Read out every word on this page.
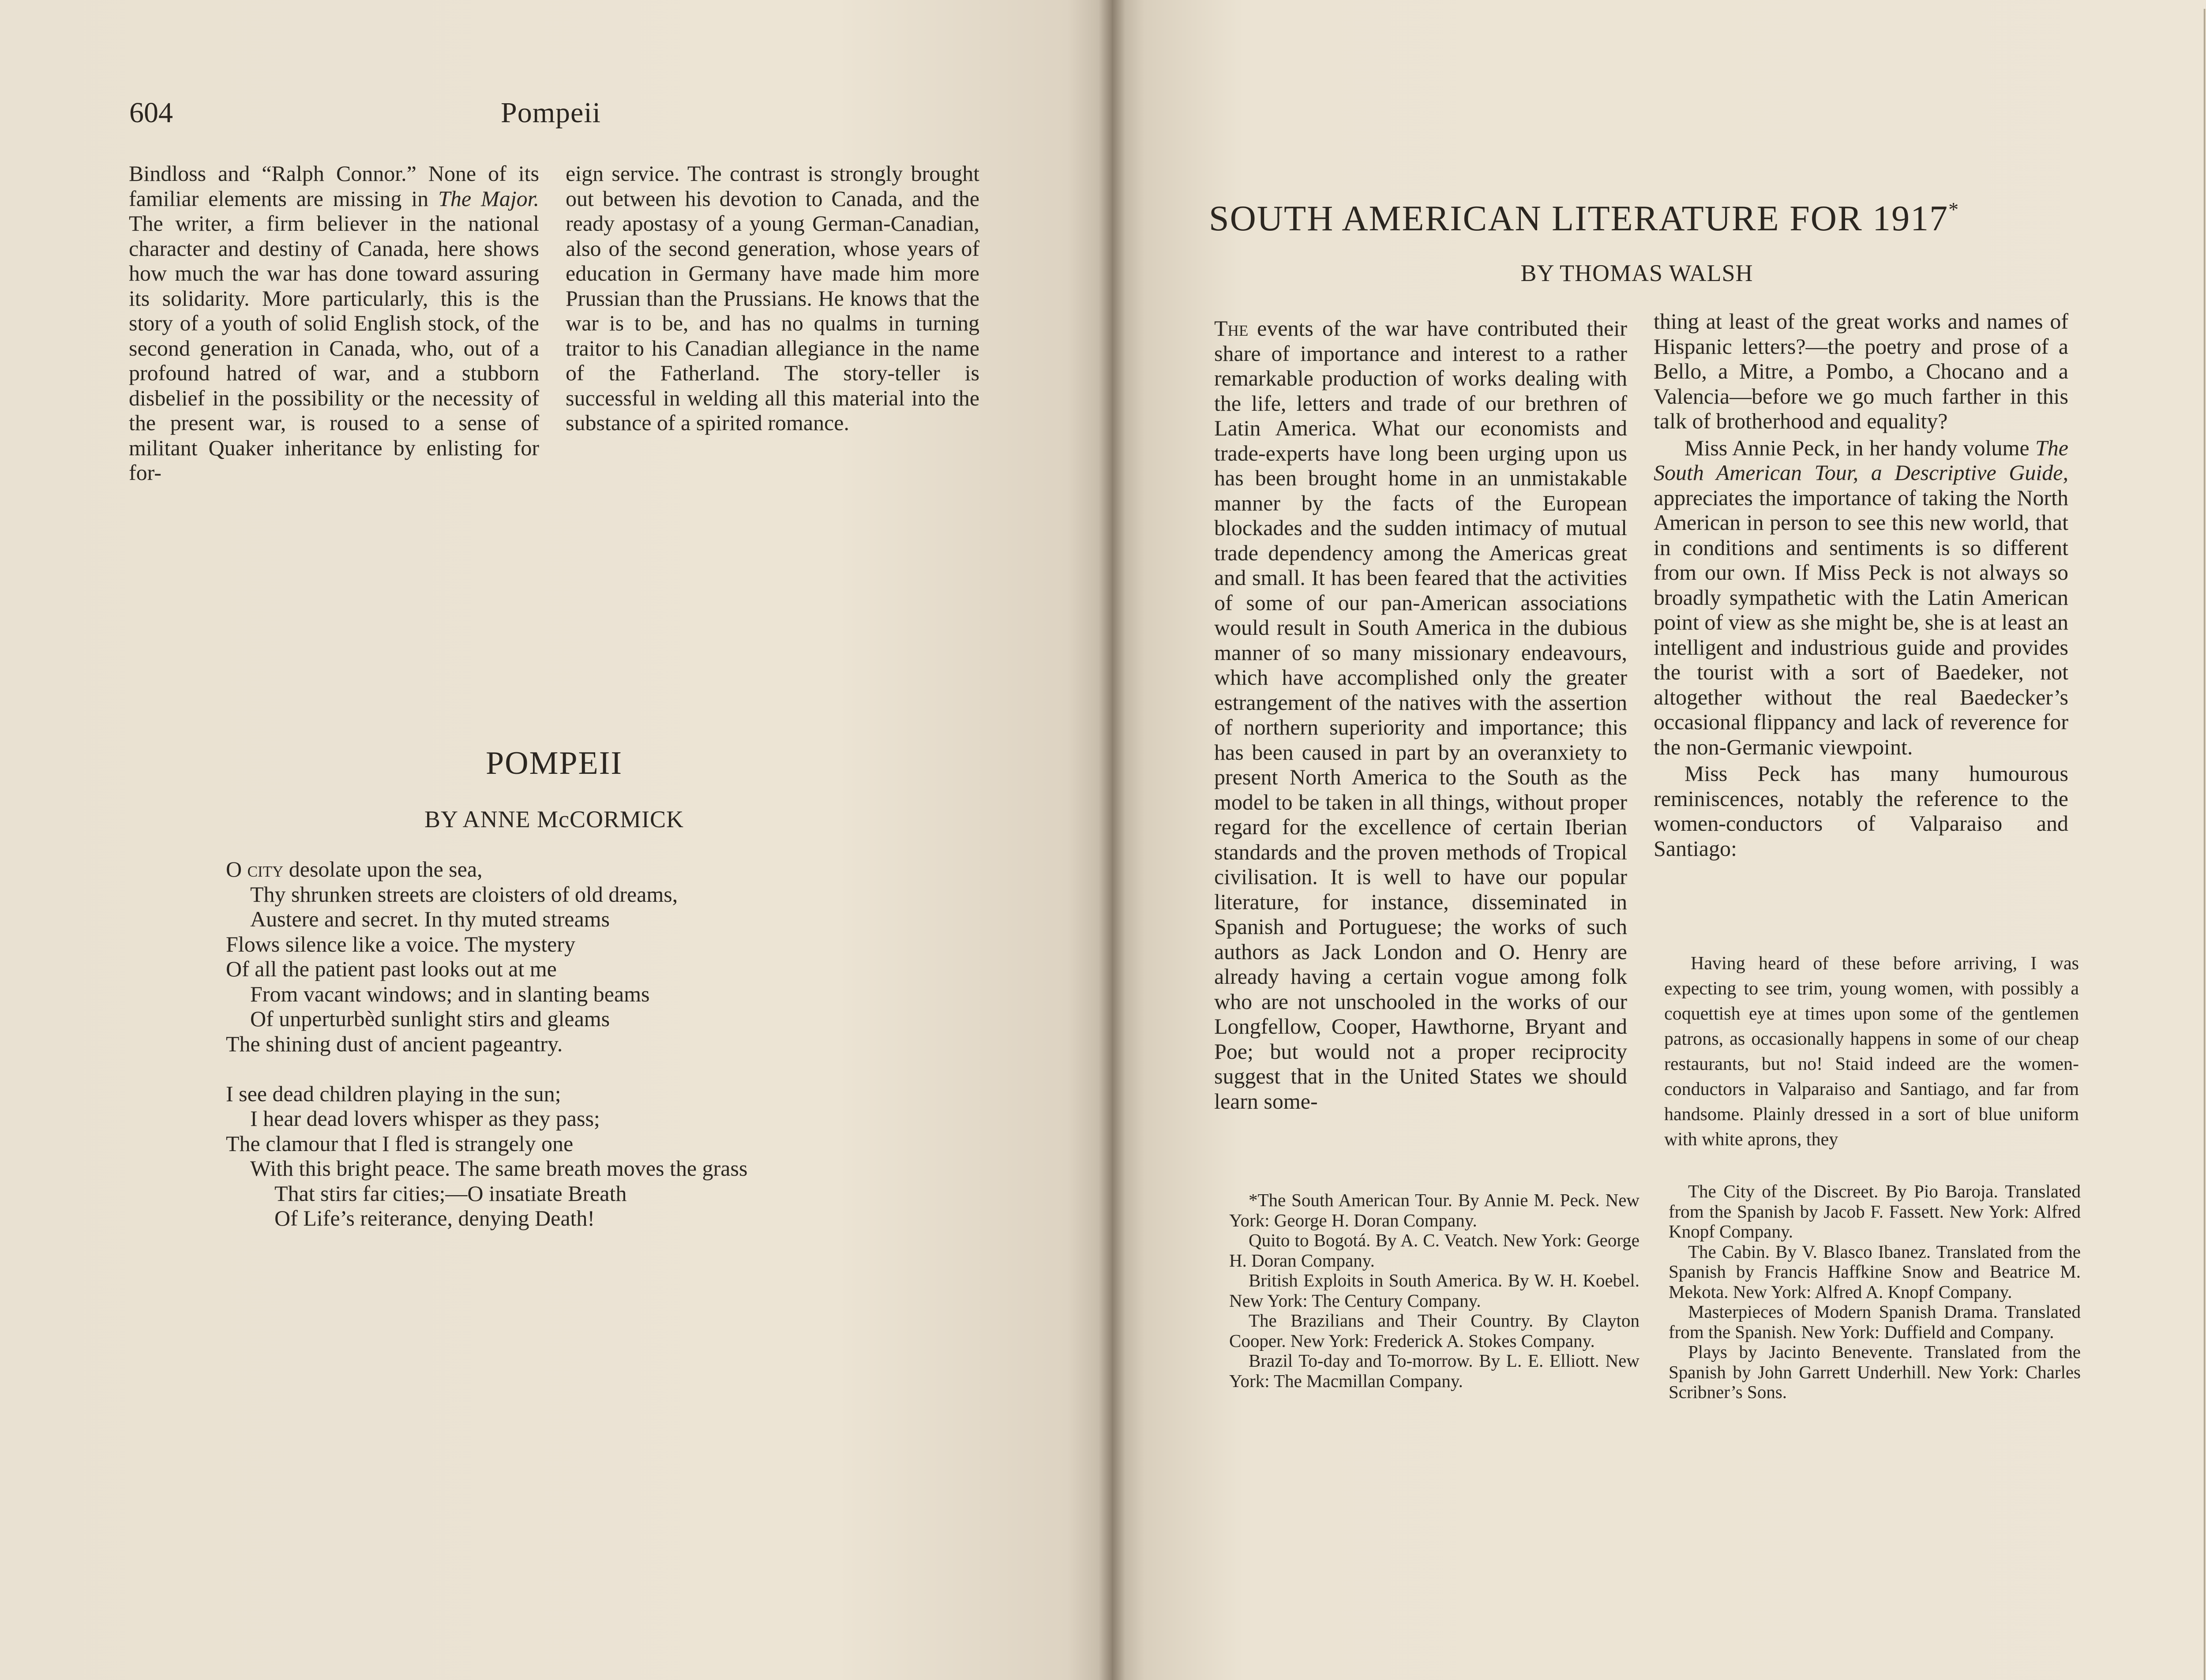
604	Pompeii

Bindloss and “Ralph Connor.” None of its familiar elements are missing in The Major. The writer, a firm believer in the national character and destiny of Canada, here shows how much the war has done toward assuring its solidarity. More particularly, this is the story of a youth of solid English stock, of the second generation in Canada, who, out of a profound hatred of war, and a stubborn disbelief in the possibility or the necessity of the present war, is roused to a sense of militant Quaker inheritance by enlisting for for-

eign service. The contrast is strongly brought out between his devotion to Canada, and the ready apostasy of a young German-Canadian, also of the second generation, whose years of education in Germany have made him more Prussian than the Prussians. He knows that the war is to be, and has no qualms in turning traitor to his Canadian allegiance in the name of the Fatherland. The story-teller is successful in welding all this material into the substance of a spirited romance.

POMPEII
BY ANNE McCORMICK
O city desolate upon the sea,
Thy shrunken streets are cloisters of old dreams,
Austere and secret. In thy muted streams
Flows silence like a voice. The mystery
Of all the patient past looks out at me
From vacant windows; and in slanting beams
Of unperturbèd sunlight stirs and gleams
The shining dust of ancient pageantry.
I see dead children playing in the sun;
I hear dead lovers whisper as they pass;
The clamour that I fled is strangely one
With this bright peace. The same breath moves the grass
That stirs far cities;—O insatiate Breath
Of Life’s reiterance, denying Death!
SOUTH AMERICAN LITERATURE FOR 1917*
BY THOMAS WALSH

The events of the war have contributed their share of importance and interest to a rather remarkable production of works dealing with the life, letters and trade of our brethren of Latin America. What our economists and trade-experts have long been urging upon us has been brought home in an unmistakable manner by the facts of the European blockades and the sudden intimacy of mutual trade dependency among the Americas great and small. It has been feared that the activities of some of our pan-American associations would result in South America in the dubious manner of so many missionary endeavours, which have accomplished only the greater estrangement of the natives with the assertion of northern superiority and importance; this has been caused in part by an overanxiety to present North America to the South as the model to be taken in all things, without proper regard for the excellence of certain Iberian standards and the proven methods of Tropical civilisation. It is well to have our popular literature, for instance, disseminated in Spanish and Portuguese; the works of such authors as Jack London and O. Henry are already having a certain vogue among folk who are not unschooled in the works of our Longfellow, Cooper, Hawthorne, Bryant and Poe; but would not a proper reciprocity suggest that in the United States we should learn some-

thing at least of the great works and names of Hispanic letters?—the poetry and prose of a Bello, a Mitre, a Pombo, a Chocano and a Valencia—before we go much farther in this talk of brotherhood and equality?

Miss Annie Peck, in her handy volume The South American Tour, a Descriptive Guide, appreciates the importance of taking the North American in person to see this new world, that in conditions and sentiments is so different from our own. If Miss Peck is not always so broadly sympathetic with the Latin American point of view as she might be, she is at least an intelligent and industrious guide and provides the tourist with a sort of Baedeker, not altogether without the real Baedecker’s occasional flippancy and lack of reverence for the non-Germanic viewpoint.

Miss Peck has many humourous reminiscences, notably the reference to the women-conductors of Valparaiso and Santiago:

Having heard of these before arriving, I was expecting to see trim, young women, with possibly a coquettish eye at times upon some of the gentlemen patrons, as occasionally happens in some of our cheap restaurants, but no! Staid indeed are the women-conductors in Valparaiso and Santiago, and far from handsome. Plainly dressed in a sort of blue uniform with white aprons, they

*The South American Tour. By Annie M. Peck. New York: George H. Doran Company.

Quito to Bogotá. By A. C. Veatch. New York: George H. Doran Company.

British Exploits in South America. By W. H. Koebel. New York: The Century Company.

The Brazilians and Their Country. By Clayton Cooper. New York: Frederick A. Stokes Company.

Brazil To-day and To-morrow. By L. E. Elliott. New York: The Macmillan Company.

The City of the Discreet. By Pio Baroja. Translated from the Spanish by Jacob F. Fassett. New York: Alfred Knopf Company.

The Cabin. By V. Blasco Ibanez. Translated from the Spanish by Francis Haffkine Snow and Beatrice M. Mekota. New York: Alfred A. Knopf Company.

Masterpieces of Modern Spanish Drama. Translated from the Spanish. New York: Duffield and Company.

Plays by Jacinto Benevente. Translated from the Spanish by John Garrett Underhill. New York: Charles Scribner’s Sons.
